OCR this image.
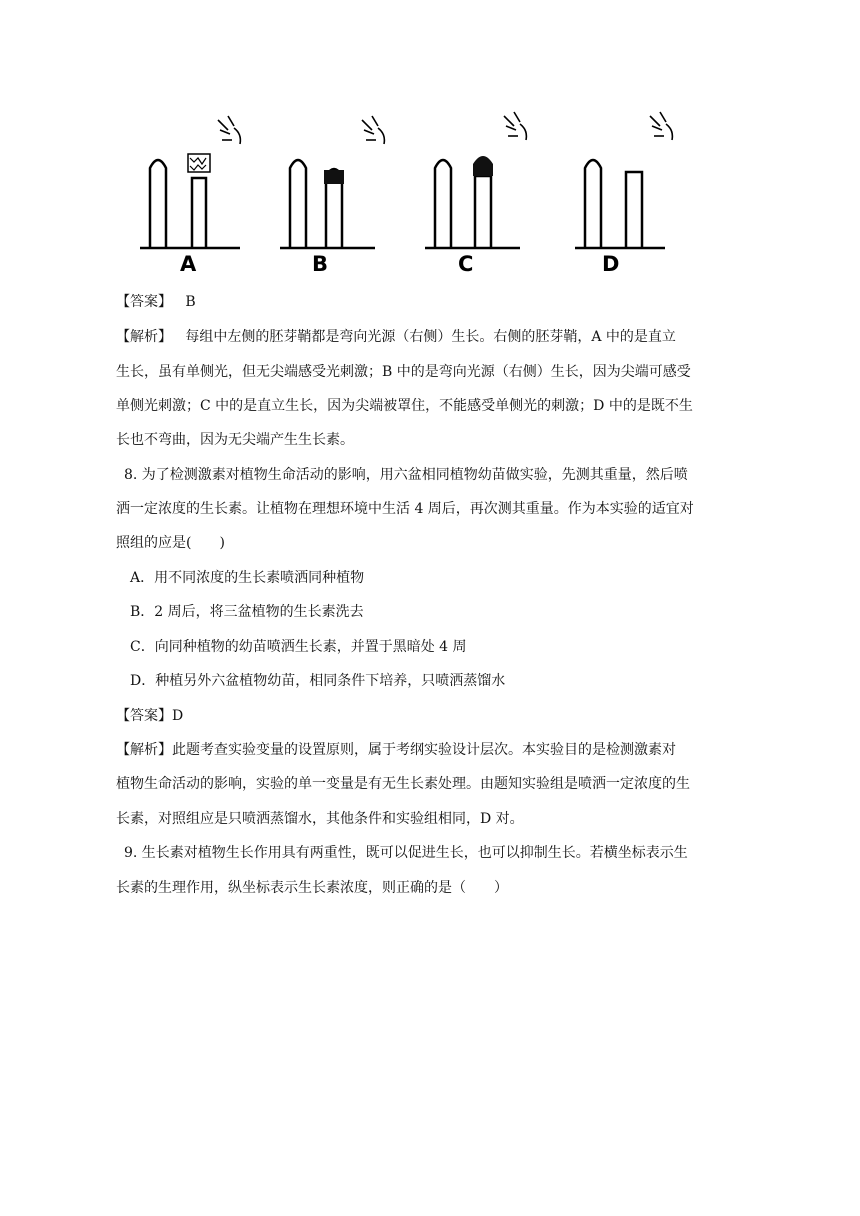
A	B	C	D
【答案】 B
【解析】 每组中左侧的胚芽鞘都是弯向光源（右侧）生长。右侧的胚芽鞘，A 中的是直立
生长，虽有单侧光，但无尖端感受光刺激；B 中的是弯向光源（右侧）生长，因为尖端可感受
单侧光刺激；C 中的是直立生长，因为尖端被罩住，不能感受单侧光的刺激；D 中的是既不生
长也不弯曲，因为无尖端产生生长素。
8. 为了检测激素对植物生命活动的影响，用六盆相同植物幼苗做实验，先测其重量，然后喷
洒一定浓度的生长素。让植物在理想环境中生活 4 周后，再次测其重量。作为本实验的适宜对
照组的应是(　　)
A．用不同浓度的生长素喷洒同种植物
B．2 周后，将三盆植物的生长素洗去
C．向同种植物的幼苗喷洒生长素，并置于黑暗处 4 周
D．种植另外六盆植物幼苗，相同条件下培养，只喷洒蒸馏水
【答案】D
【解析】此题考查实验变量的设置原则，属于考纲实验设计层次。本实验目的是检测激素对
植物生命活动的影响，实验的单一变量是有无生长素处理。由题知实验组是喷洒一定浓度的生
长素，对照组应是只喷洒蒸馏水，其他条件和实验组相同，D 对。
9. 生长素对植物生长作用具有两重性，既可以促进生长，也可以抑制生长。若横坐标表示生
长素的生理作用，纵坐标表示生长素浓度，则正确的是（　　）
